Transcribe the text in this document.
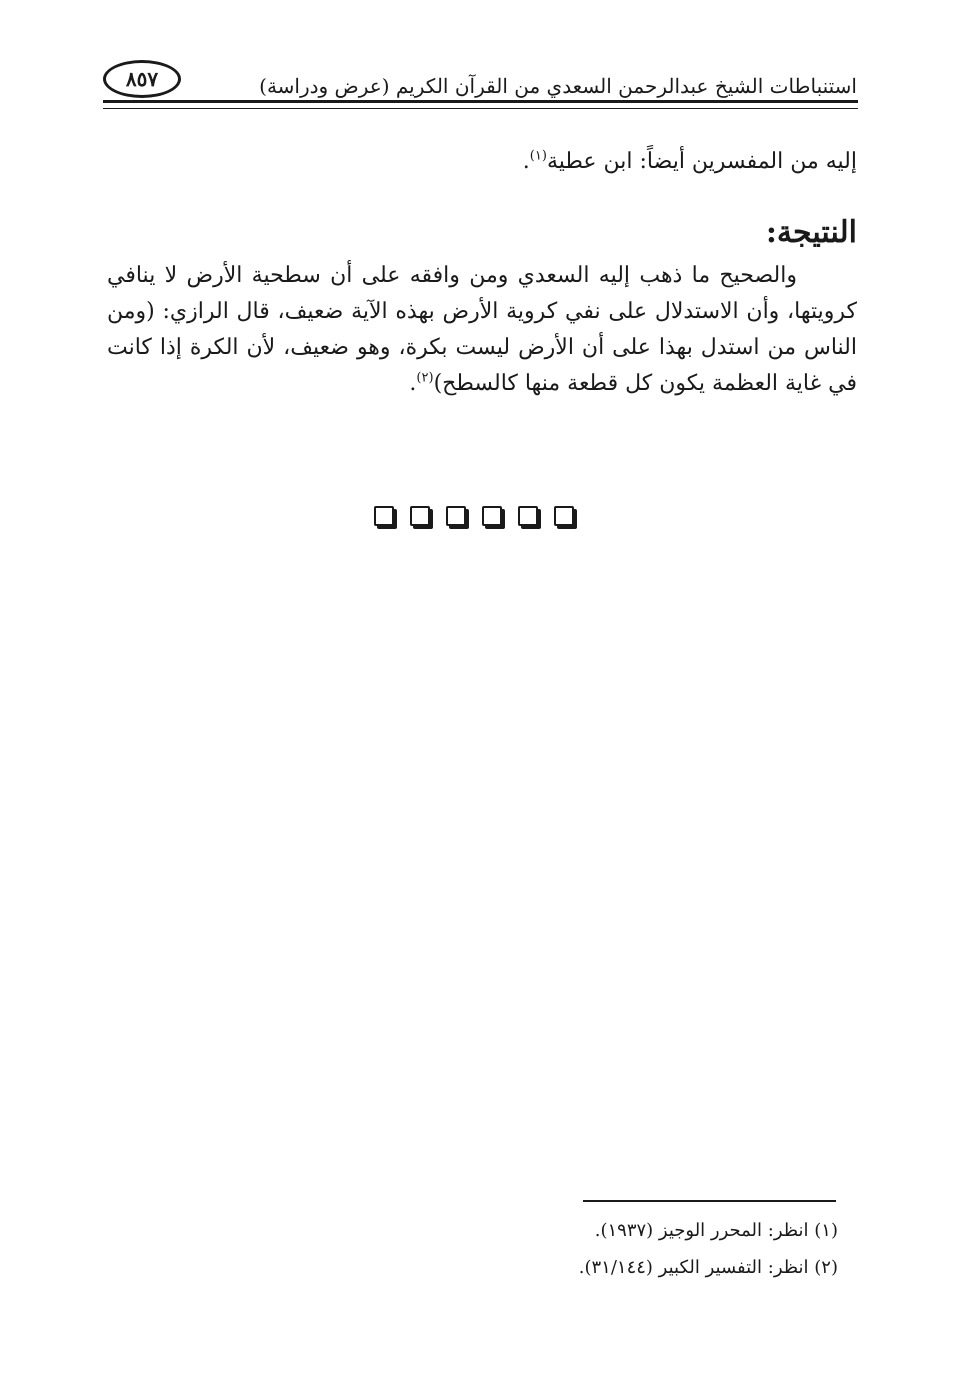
استنباطات الشيخ عبدالرحمن السعدي من القرآن الكريم (عرض ودراسة)
٨٥٧
إليه من المفسرين أيضاً: ابن عطية$^{(١)}$.
النتيجة:
والصحيح ما ذهب إليه السعدي ومن وافقه على أن سطحية الأرض لا ينافي كرويتها، وأن الاستدلال على نفي كروية الأرض بهذه الآية ضعيف، قال الرازي: (ومن الناس من استدل بهذا على أن الأرض ليست بكرة، وهو ضعيف، لأن الكرة إذا كانت في غاية العظمة يكون كل قطعة منها كالسطح)$^{(٢)}$.
(١) انظر: المحرر الوجيز (١٩٣٧).
(٢) انظر: التفسير الكبير (٣١/١٤٤).
